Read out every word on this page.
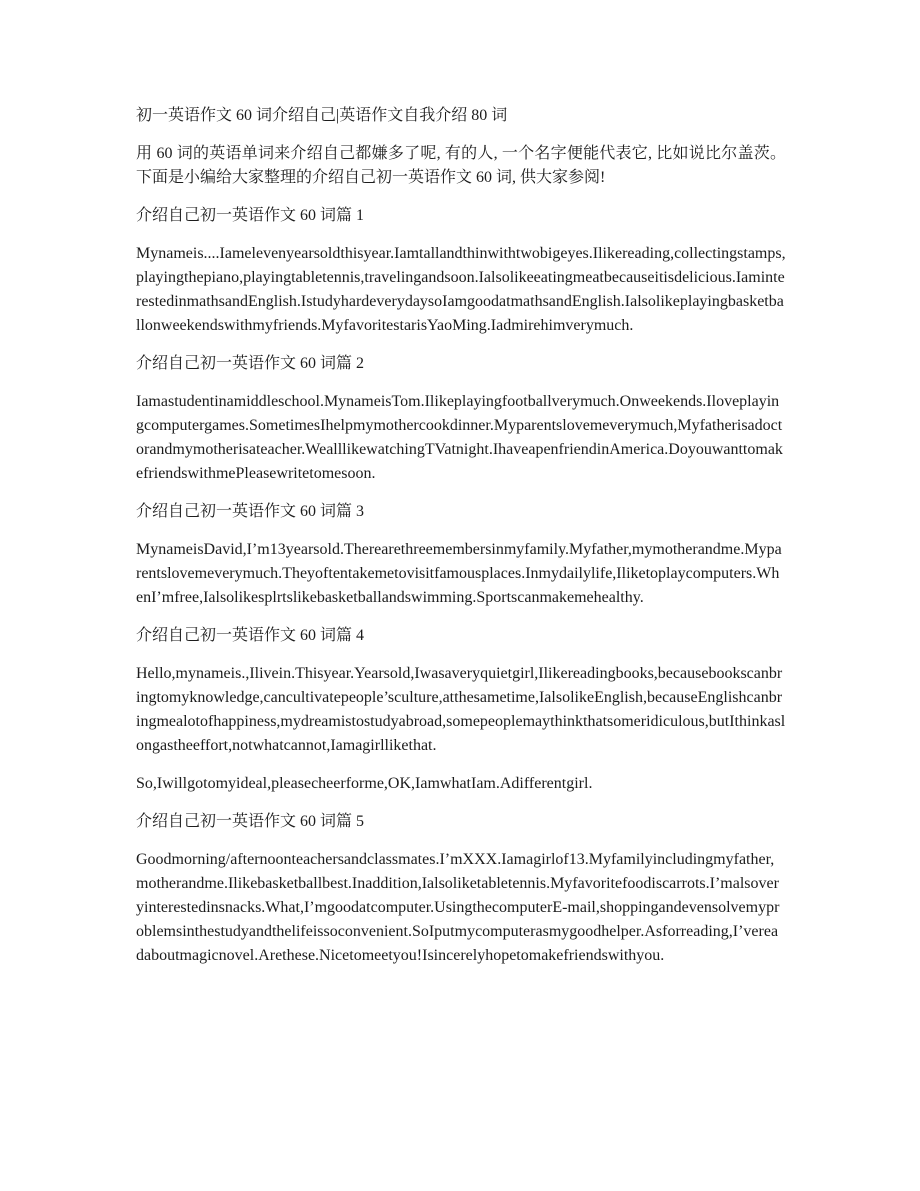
初一英语作文 60 词介绍自己|英语作文自我介绍 80 词

用 60 词的英语单词来介绍自己都嫌多了呢, 有的人, 一个名字便能代表它, 比如说比尔盖茨。下面是小编给大家整理的介绍自己初一英语作文 60 词, 供大家参阅!

介绍自己初一英语作文 60 词篇 1

Mynameis....Iamelevenyearsoldthisyear.Iamtallandthinwithtwobigeyes.Ilikereading,collectingstamps,playingthepiano,playingtabletennis,travelingandsoon.Ialsolikeeatingmeatbecauseitisdelicious.IaminterestedinmathsandEnglish.IstudyhardeverydaysoIamgoodatmathsandEnglish.Ialsolikeplayingbasketballonweekendswithmyfriends.MyfavoritestarisYaoMing.Iadmirehimverymuch.

介绍自己初一英语作文 60 词篇 2

Iamastudentinamiddleschool.MynameisTom.Ilikeplayingfootballverymuch.Onweekends.Iloveplayingcomputergames.SometimesIhelpmymothercookdinner.Myparentslovemeverymuch,Myfatherisadoctorandmymotherisateacher.WealllikewatchingTVatnight.IhaveapenfriendinAmerica.DoyouwanttomakefriendswithmePleasewritetomesoon.

介绍自己初一英语作文 60 词篇 3

MynameisDavid,I’m13yearsold.Therearethreemembersinmyfamily.Myfather,mymotherandme.Myparentslovemeverymuch.Theyoftentakemetovisitfamousplaces.Inmydailylife,Iliketoplaycomputers.WhenI’mfree,Ialsolikesplrtslikebasketballandswimming.Sportscanmakemehealthy.

介绍自己初一英语作文 60 词篇 4

Hello,mynameis.,Ilivein.Thisyear.Yearsold,Iwasaveryquietgirl,Ilikereadingbooks,becausebookscanbringtomyknowledge,cancultivatepeople’sculture,atthesametime,IalsolikeEnglish,becauseEnglishcanbringmealotofhappiness,mydreamistostudyabroad,somepeoplemaythinkthatsomeridiculous,butIthinkaslongastheeffort,notwhatcannot,Iamagirllikethat.

So,Iwillgotomyideal,pleasecheerforme,OK,IamwhatIam.Adifferentgirl.

介绍自己初一英语作文 60 词篇 5

Goodmorning/afternoonteachersandclassmates.I’mXXX.Iamagirlof13.Myfamilyincludingmyfather,motherandme.Ilikebasketballbest.Inaddition,Ialsoliketabletennis.Myfavoritefoodiscarrots.I’malsoveryinterestedinsnacks.What,I’mgoodatcomputer.UsingthecomputerE-mail,shoppingandevensolvemyproblemsinthestudyandthelifeissoconvenient.SoIputmycomputerasmygoodhelper.Asforreading,I’vereadaboutmagicnovel.Arethese.Nicetomeetyou!Isincerelyhopetomakefriendswithyou.
